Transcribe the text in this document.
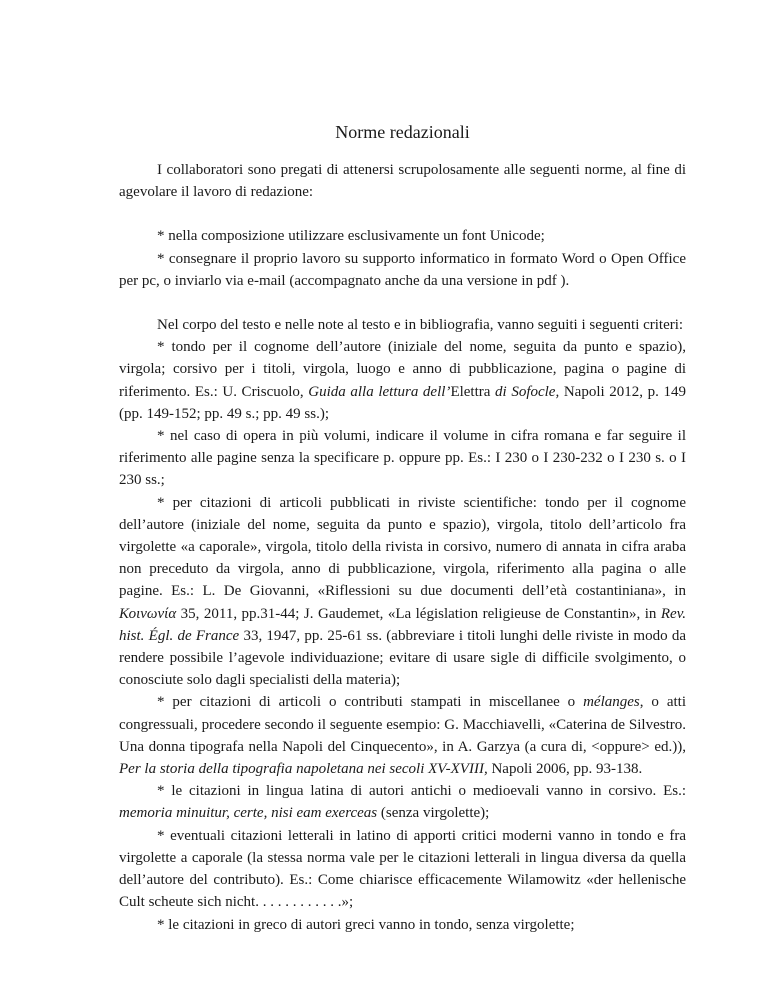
Norme redazionali

I collaboratori sono pregati di attenersi scrupolosamente alle seguenti norme, al fine di agevolare il lavoro di redazione:

* nella composizione utilizzare esclusivamente un font Unicode;

* consegnare il proprio lavoro su supporto informatico in formato Word o Open Office per pc, o inviarlo via e-mail (accompagnato anche da una versione in pdf ).

Nel corpo del testo e nelle note al testo e in bibliografia, vanno seguiti i seguenti criteri:

* tondo per il cognome dell’autore (iniziale del nome, seguita da punto e spazio), virgola; corsivo per i titoli, virgola, luogo e anno di pubblicazione, pagina o pagine di riferimento. Es.: U. Criscuolo, Guida alla lettura dell’Elettra di Sofocle, Napoli 2012, p. 149 (pp. 149-152; pp. 49 s.; pp. 49 ss.);

* nel caso di opera in più volumi, indicare il volume in cifra romana e far seguire il riferimento alle pagine senza la specificare p. oppure pp. Es.: I 230 o I 230-232 o I 230 s. o I 230 ss.;

* per citazioni di articoli pubblicati in riviste scientifiche: tondo per il cognome dell’autore (iniziale del nome, seguita da punto e spazio), virgola, titolo dell’articolo fra virgolette «a caporale», virgola, titolo della rivista in corsivo, numero di annata in cifra araba non preceduto da virgola, anno di pubblicazione, virgola, riferimento alla pagina o alle pagine. Es.: L. De Giovanni, «Riflessioni su due documenti dell’età costantiniana», in Κοινωνία 35, 2011, pp.31-44; J. Gaudemet, «La législation religieuse de Constantin», in Rev. hist. Égl. de France 33, 1947, pp. 25-61 ss. (abbreviare i titoli lunghi delle riviste in modo da rendere possibile l’agevole individuazione; evitare di usare sigle di difficile svolgimento, o conosciute solo dagli specialisti della materia);

* per citazioni di articoli o contributi stampati in miscellanee o mélanges, o atti congressuali, procedere secondo il seguente esempio: G. Macchiavelli, «Caterina de Silvestro. Una donna tipografa nella Napoli del Cinquecento», in A. Garzya (a cura di, <oppure> ed.)), Per la storia della tipografia napoletana nei secoli XV-XVIII, Napoli 2006, pp. 93-138.

* le citazioni in lingua latina di autori antichi o medioevali vanno in corsivo. Es.: memoria minuitur, certe, nisi eam exerceas (senza virgolette);

* eventuali citazioni letterali in latino di apporti critici moderni vanno in tondo e fra virgolette a caporale (la stessa norma vale per le citazioni letterali in lingua diversa da quella dell’autore del contributo). Es.: Come chiarisce efficacemente Wilamowitz «der hellenische Cult scheute sich nicht. . . . . . . . . . . .»;

* le citazioni in greco di autori greci vanno in tondo, senza virgolette;
